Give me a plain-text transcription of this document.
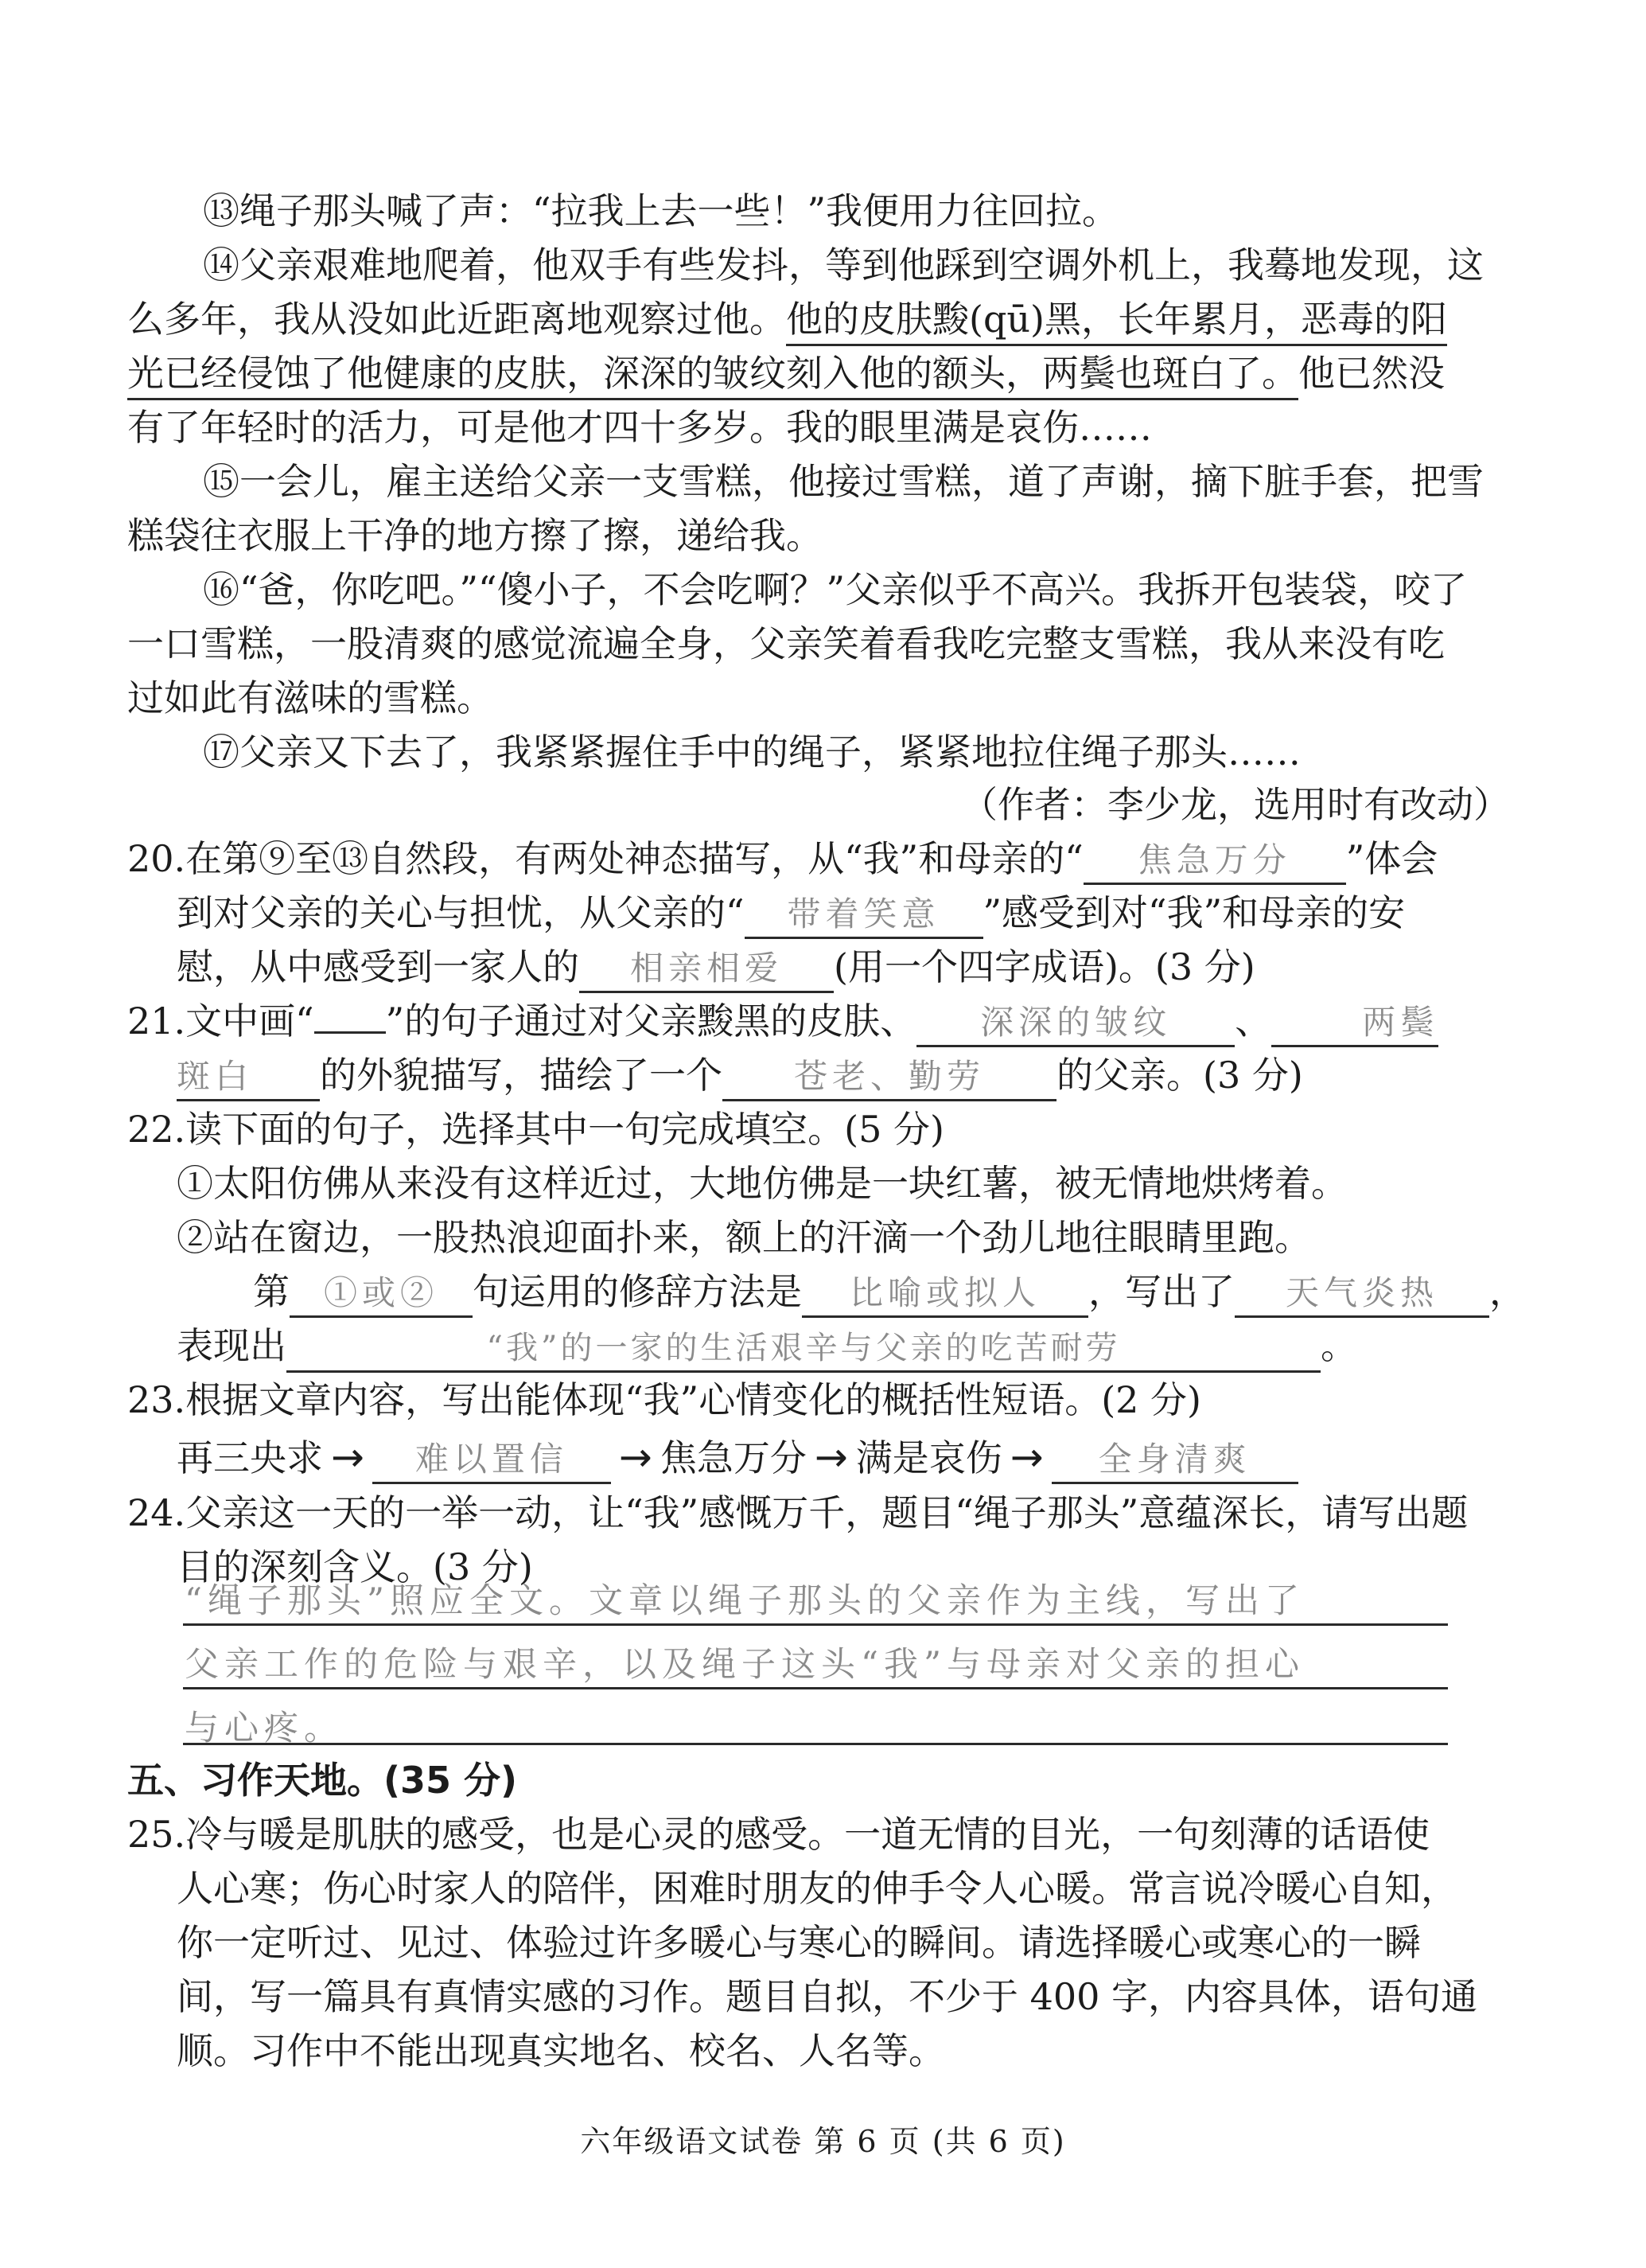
⑬绳子那头喊了声：“拉我上去一些！”我便用力往回拉。

⑭父亲艰难地爬着，他双手有些发抖，等到他踩到空调外机上，我蓦地发现，这

么多年，我从没如此近距离地观察过他。他的皮肤黢(qū)黑，长年累月，恶毒的阳

光已经侵蚀了他健康的皮肤，深深的皱纹刻入他的额头，两鬓也斑白了。他已然没

有了年轻时的活力，可是他才四十多岁。我的眼里满是哀伤……

⑮一会儿，雇主送给父亲一支雪糕，他接过雪糕，道了声谢，摘下脏手套，把雪

糕袋往衣服上干净的地方擦了擦，递给我。

⑯“爸，你吃吧。”“傻小子，不会吃啊？”父亲似乎不高兴。我拆开包装袋，咬了

一口雪糕，一股清爽的感觉流遍全身，父亲笑着看我吃完整支雪糕，我从来没有吃

过如此有滋味的雪糕。

⑰父亲又下去了，我紧紧握住手中的绳子，紧紧地拉住绳子那头……

（作者：李少龙，选用时有改动）

20.在第⑨至⑬自然段，有两处神态描写，从“我”和母亲的“ 焦急万分 ”体会

到对父亲的关心与担忧，从父亲的“ 带着笑意 ”感受到对“我”和母亲的安

慰，从中感受到一家人的 相亲相爱 (用一个四字成语)。(3 分)

21.文中画“ ”的句子通过对父亲黢黑的皮肤、 深深的皱纹 、	两鬓

斑白 的外貌描写，描绘了一个 苍老、勤劳 的父亲。(3 分)

22.读下面的句子，选择其中一句完成填空。(5 分)

①太阳仿佛从来没有这样近过，大地仿佛是一块红薯，被无情地烘烤着。

②站在窗边，一股热浪迎面扑来，额上的汗滴一个劲儿地往眼睛里跑。

第 ①或② 句运用的修辞方法是 比喻或拟人 ，写出了 天气炎热 ，

表现出	“我”的一家的生活艰辛与父亲的吃苦耐劳	。

23.根据文章内容，写出能体现“我”心情变化的概括性短语。(2 分)

再三央求 → 难以置信 → 焦急万分 → 满是哀伤 → 全身清爽

24.父亲这一天的一举一动，让“我”感慨万千，题目“绳子那头”意蕴深长，请写出题

目的深刻含义。(3 分)

“绳子那头”照应全文。文章以绳子那头的父亲作为主线，写出了

父亲工作的危险与艰辛，以及绳子这头“我”与母亲对父亲的担心

与心疼。

五、习作天地。(35 分)

25.冷与暖是肌肤的感受，也是心灵的感受。一道无情的目光，一句刻薄的话语使

人心寒；伤心时家人的陪伴，困难时朋友的伸手令人心暖。常言说冷暖心自知，

你一定听过、见过、体验过许多暖心与寒心的瞬间。请选择暖心或寒心的一瞬

间，写一篇具有真情实感的习作。题目自拟，不少于 400 字，内容具体，语句通

顺。习作中不能出现真实地名、校名、人名等。

六年级语文试卷 第 6 页 (共 6 页)
